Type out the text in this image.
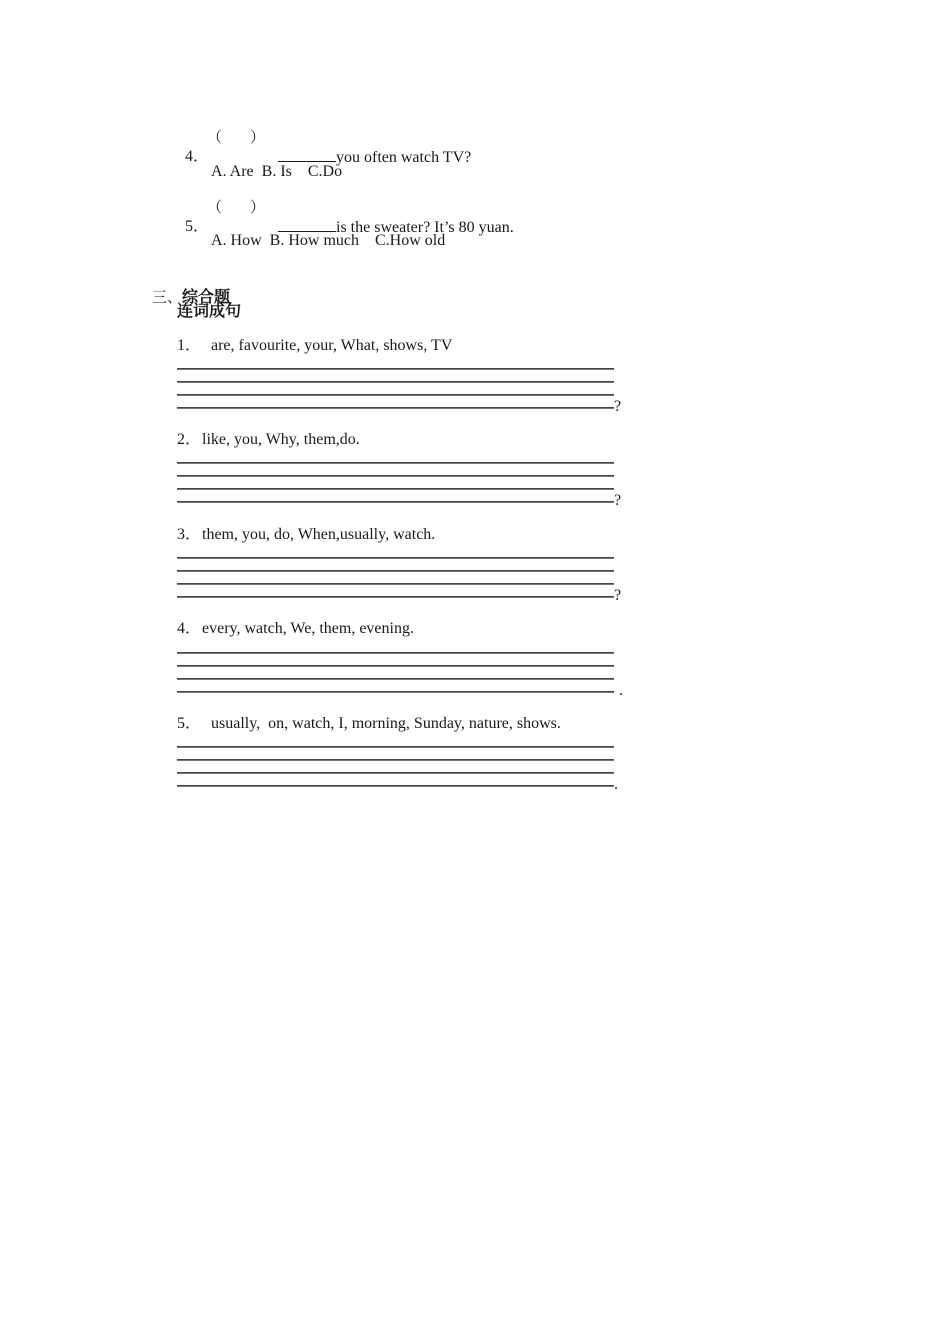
4．

（ ）

you often watch TV?

A. Are  B. Is    C.Do

5．

（ ）

is the sweater? It’s 80 yuan.

A. How  B. How much    C.How old

三、综合题

连词成句
1． are, favourite, your, What, shows, TV
?
2． like, you, Why, them,do.
?
3． them, you, do, When,usually, watch.
?
4． every, watch, We, them, evening.
.
5． usually,  on, watch, I, morning, Sunday, nature, shows.
.
